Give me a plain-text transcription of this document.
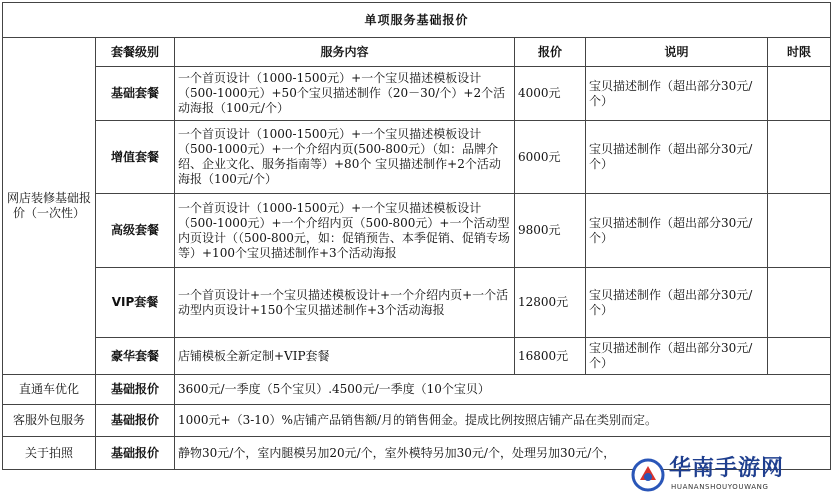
单项服务基础报价					
网店装修基础报价（一次性）	套餐级别	服务内容	报价	说明	时限
	基础套餐	一个首页设计（1000-1500元）+一个宝贝描述模板设计（500-1000元）+50个宝贝描述制作（20－30/个）+2个活动海报（100元/个）	4000元	宝贝描述制作（超出部分30元/个）	
	增值套餐	一个首页设计（1000-1500元）+一个宝贝描述模板设计（500-1000元）+一个介绍内页(500-800元）（如：品牌介绍、企业文化、服务指南等）+80个 宝贝描述制作+2个活动海报（100元/个）	6000元	宝贝描述制作（超出部分30元/个）	
	高级套餐	一个首页设计（1000-1500元）+一个宝贝描述模板设计（500-1000元）+一个介绍内页（500-800元）+一个活动型内页设计（（500-800元，如：促销预告、本季促销、促销专场等）+100个宝贝描述制作+3个活动海报	9800元	宝贝描述制作（超出部分30元/个）	
	VIP套餐	一个首页设计+一个宝贝描述模板设计+一个介绍内页+一个活动型内页设计+150个宝贝描述制作+3个活动海报	12800元	宝贝描述制作（超出部分30元/个）	
	豪华套餐	店铺模板全新定制+VIP套餐	16800元	宝贝描述制作（超出部分30元/个）	
直通车优化	基础报价	3600元/一季度（5个宝贝）.4500元/一季度（10个宝贝）			
客服外包服务	基础报价	1000元+（3-10）%店铺产品销售额/月的销售佣金。提成比例按照店铺产品在类别而定。			
关于拍照	基础报价	静物30元/个，室内腿模另加20元/个，室外模特另加30元/个，处理另加30元/个，			
华南手游网
HUANANSHOUYOUWANG
